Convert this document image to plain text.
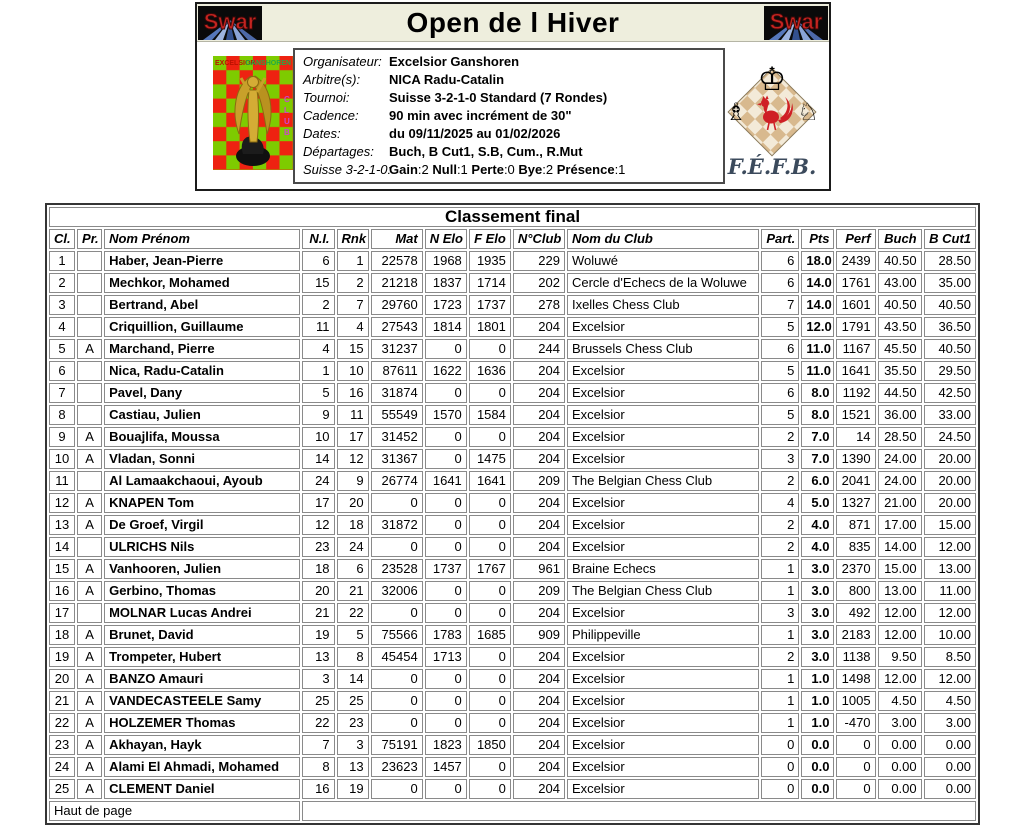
Swar	Open de l Hiver	Swar
EXCELSIOR
GANSHOREN
C
L
U
B
Organisateur: Excelsior Ganshoren
Arbitre(s):	NICA Radu-Catalin
Tournoi:	Suisse 3-2-1-0 Standard (7 Rondes)
Cadence:	90 min avec incrément de 30"
Dates:	du 09/11/2025 au 01/02/2026
Départages:	Buch, B Cut1, S.B, Cum., R.Mut
Suisse 3-2-1-0:
Gain:2 Null:1 Perte:0 Bye:2 Présence:1
♔
♗ ♘
F.É.F.B.
Classement final														
Cl.	Pr.	Nom Prénom	N.I.	Rnk	Mat	N Elo	F Elo	N°Club	Nom du Club	Part.	Pts	Perf	Buch	B Cut1
1		Haber, Jean-Pierre	6	1	22578	1968	1935	229	Woluwé	6	18.0	2439	40.50	28.50
2		Mechkor, Mohamed	15	2	21218	1837	1714	202	Cercle d'Echecs de la Woluwe	6	14.0	1761	43.00	35.00
3		Bertrand, Abel	2	7	29760	1723	1737	278	Ixelles Chess Club	7	14.0	1601	40.50	40.50
4		Criquillion, Guillaume	11	4	27543	1814	1801	204	Excelsior	5	12.0	1791	43.50	36.50
5	A	Marchand, Pierre	4	15	31237	0	0	244	Brussels Chess Club	6	11.0	1167	45.50	40.50
6		Nica, Radu-Catalin	1	10	87611	1622	1636	204	Excelsior	5	11.0	1641	35.50	29.50
7		Pavel, Dany	5	16	31874	0	0	204	Excelsior	6	8.0	1192	44.50	42.50
8		Castiau, Julien	9	11	55549	1570	1584	204	Excelsior	5	8.0	1521	36.00	33.00
9	A	Bouajlifa, Moussa	10	17	31452	0	0	204	Excelsior	2	7.0	14	28.50	24.50
10	A	Vladan, Sonni	14	12	31367	0	1475	204	Excelsior	3	7.0	1390	24.00	20.00
11		Al Lamaakchaoui, Ayoub	24	9	26774	1641	1641	209	The Belgian Chess Club	2	6.0	2041	24.00	20.00
12	A	KNAPEN Tom	17	20	0	0	0	204	Excelsior	4	5.0	1327	21.00	20.00
13	A	De Groef, Virgil	12	18	31872	0	0	204	Excelsior	2	4.0	871	17.00	15.00
14		ULRICHS Nils	23	24	0	0	0	204	Excelsior	2	4.0	835	14.00	12.00
15	A	Vanhooren, Julien	18	6	23528	1737	1767	961	Braine Echecs	1	3.0	2370	15.00	13.00
16	A	Gerbino, Thomas	20	21	32006	0	0	209	The Belgian Chess Club	1	3.0	800	13.00	11.00
17		MOLNAR Lucas Andrei	21	22	0	0	0	204	Excelsior	3	3.0	492	12.00	12.00
18	A	Brunet, David	19	5	75566	1783	1685	909	Philippeville	1	3.0	2183	12.00	10.00
19	A	Trompeter, Hubert	13	8	45454	1713	0	204	Excelsior	2	3.0	1138	9.50	8.50
20	A	BANZO Amauri	3	14	0	0	0	204	Excelsior	1	1.0	1498	12.00	12.00
21	A	VANDECASTEELE Samy	25	25	0	0	0	204	Excelsior	1	1.0	1005	4.50	4.50
22	A	HOLZEMER Thomas	22	23	0	0	0	204	Excelsior	1	1.0	-470	3.00	3.00
23	A	Akhayan, Hayk	7	3	75191	1823	1850	204	Excelsior	0	0.0	0	0.00	0.00
24	A	Alami El Ahmadi, Mohamed	8	13	23623	1457	0	204	Excelsior	0	0.0	0	0.00	0.00
25	A	CLEMENT Daniel	16	19	0	0	0	204	Excelsior	0	0.0	0	0.00	0.00
Haut de page														
